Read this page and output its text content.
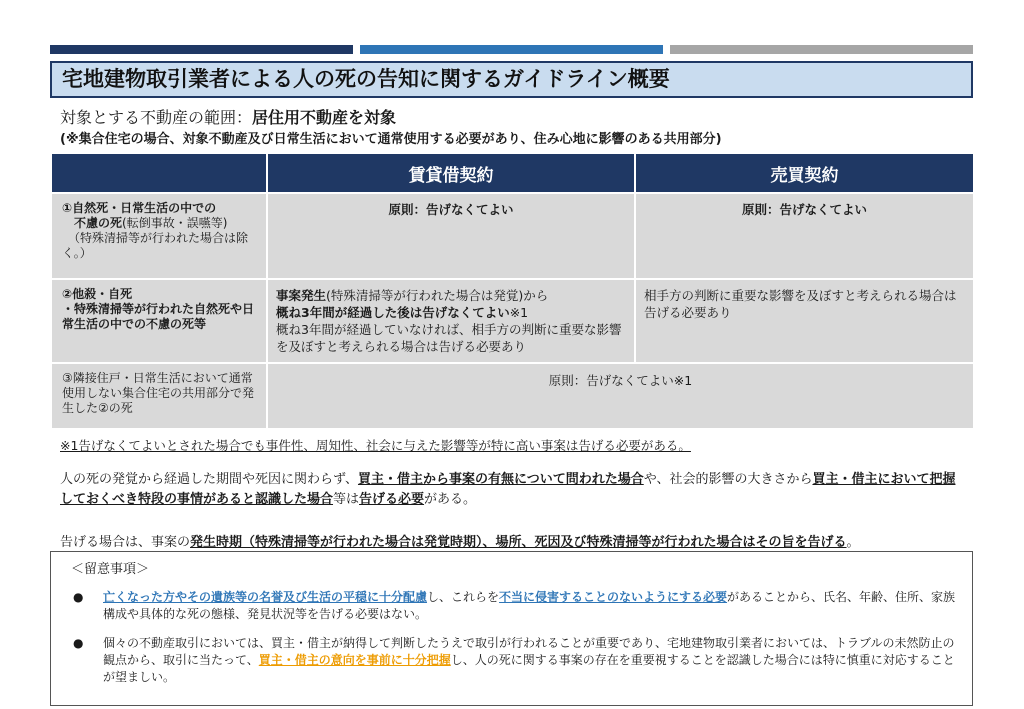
宅地建物取引業者による人の死の告知に関するガイドライン概要
対象とする不動産の範囲：居住用不動産を対象
(※集合住宅の場合、対象不動産及び日常生活において通常使用する必要があり、住み心地に影響のある共用部分)
	賃貸借契約	売買契約
①自然死・日常生活の中での
不慮の死(転倒事故・誤嚥等)
（特殊清掃等が行われた場合は除く。）	原則：告げなくてよい	原則：告げなくてよい
②他殺・自死
・特殊清掃等が行われた自然死や日常生活の中での不慮の死等	事案発生(特殊清掃等が行われた場合は発覚)から
概ね3年間が経過した後は告げなくてよい※1
概ね3年間が経過していなければ、相手方の判断に重要な影響を及ぼすと考えられる場合は告げる必要あり	相手方の判断に重要な影響を及ぼすと考えられる場合は告げる必要あり
③隣接住戸・日常生活において通常使用しない集合住宅の共用部分で発生した②の死	原則：告げなくてよい※1	
※1告げなくてよいとされた場合でも事件性、周知性、社会に与えた影響等が特に高い事案は告げる必要がある。
人の死の発覚から経過した期間や死因に関わらず、買主・借主から事案の有無について問われた場合や、社会的影響の大きさから買主・借主において把握しておくべき特段の事情があると認識した場合等は告げる必要がある。
告げる場合は、事案の発生時期（特殊清掃等が行われた場合は発覚時期）、場所、死因及び特殊清掃等が行われた場合はその旨を告げる。
＜留意事項＞
●	亡くなった方やその遺族等の名誉及び生活の平穏に十分配慮し、これらを不当に侵害することのないようにする必要があることから、氏名、年齢、住所、家族構成や具体的な死の態様、発見状況等を告げる必要はない。
●	個々の不動産取引においては、買主・借主が納得して判断したうえで取引が行われることが重要であり、宅地建物取引業者においては、トラブルの未然防止の観点から、取引に当たって、買主・借主の意向を事前に十分把握し、人の死に関する事案の存在を重要視することを認識した場合には特に慎重に対応することが望ましい。
